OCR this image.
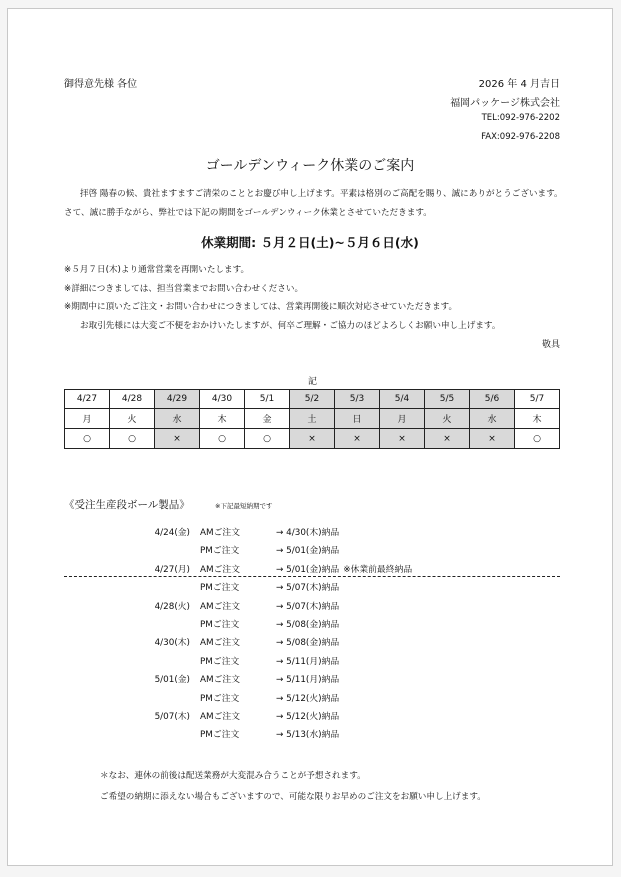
御得意先様 各位	2026 年 4 月吉日
福岡パッケージ株式会社
TEL:092-976-2202
FAX:092-976-2208
ゴールデンウィーク休業のご案内
拝啓 陽春の候、貴社ますますご清栄のこととお慶び申し上げます。平素は格別のご高配を賜り、誠にありがとうございます。
さて、誠に勝手ながら、弊社では下記の期間をゴールデンウィーク休業とさせていただきます。
休業期間: ５月２日(土)~５月６日(水)
※５月７日(木)より通常営業を再開いたします。
※詳細につきましては、担当営業までお問い合わせください。
※期間中に頂いたご注文・お問い合わせにつきましては、営業再開後に順次対応させていただきます。
お取引先様には大変ご不便をおかけいたしますが、何卒ご理解・ご協力のほどよろしくお願い申し上げます。
敬具
記
4/27	4/28	4/29	4/30	5/1	5/2	5/3	5/4	5/5	5/6	5/7
月	火	水	木	金	土	日	月	火	水	木
○	○	×	○	○	×	×	×	×	×	○
《受注生産段ボール製品》	※下記最短納期です
4/24(金) AMご注文	→ 4/30(木)納品
PMご注文	→ 5/01(金)納品
4/27(月) AMご注文	→ 5/01(金)納品 ※休業前最終納品
PMご注文	→ 5/07(木)納品
4/28(火) AMご注文	→ 5/07(木)納品
PMご注文	→ 5/08(金)納品
4/30(木) AMご注文	→ 5/08(金)納品
PMご注文	→ 5/11(月)納品
5/01(金) AMご注文	→ 5/11(月)納品
PMご注文	→ 5/12(火)納品
5/07(木) AMご注文	→ 5/12(火)納品
PMご注文	→ 5/13(水)納品
＊なお、連休の前後は配送業務が大変混み合うことが予想されます。
ご希望の納期に添えない場合もございますので、可能な限りお早めのご注文をお願い申し上げます。
